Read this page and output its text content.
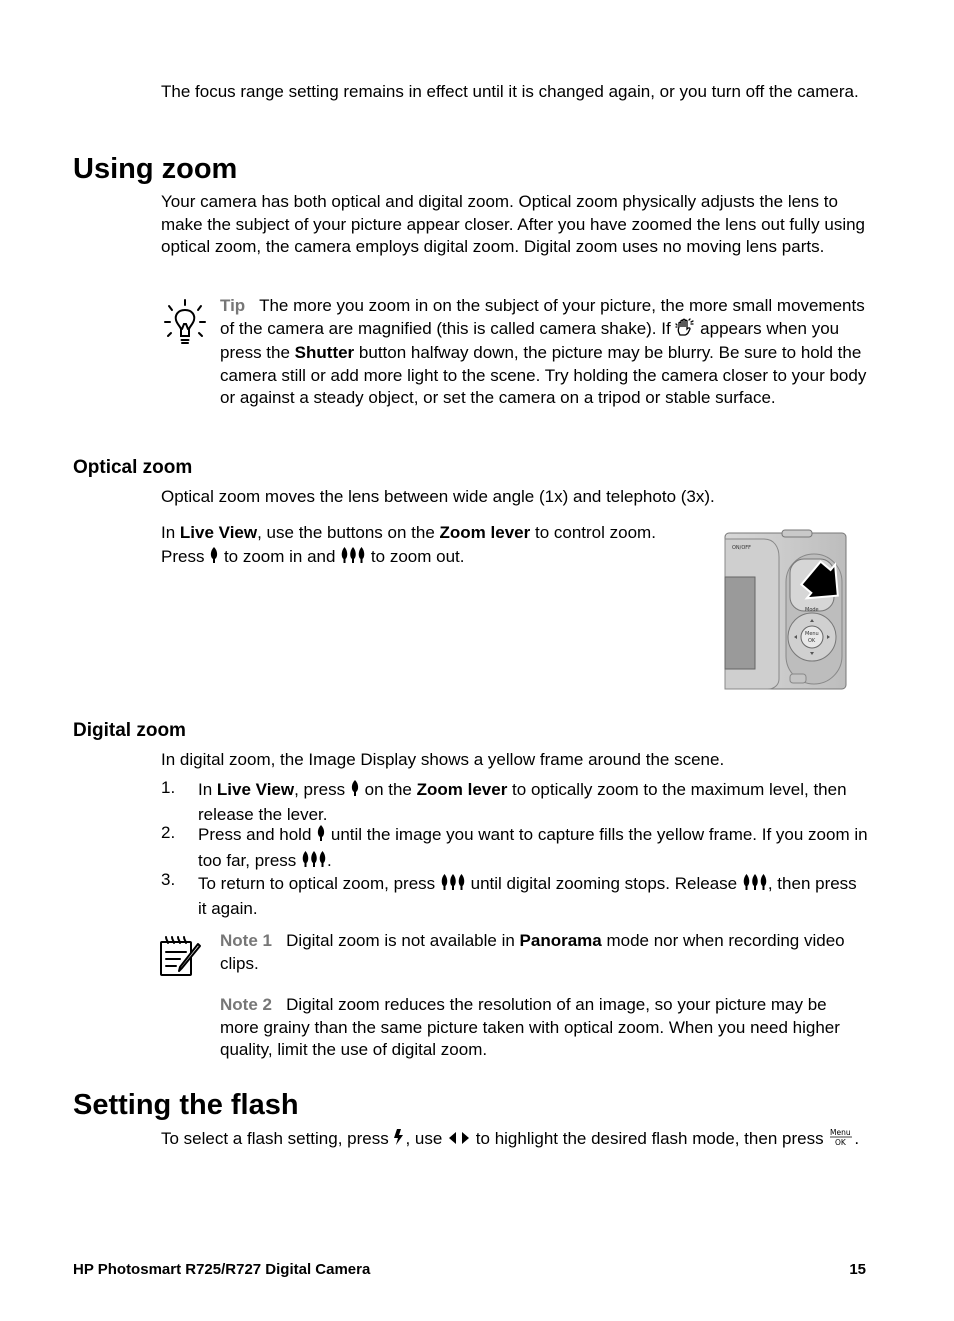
The focus range setting remains in effect until it is changed again, or you turn off the camera.
Using zoom
Your camera has both optical and digital zoom. Optical zoom physically adjusts the lens to make the subject of your picture appear closer. After you have zoomed the lens out fully using optical zoom, the camera employs digital zoom. Digital zoom uses no moving lens parts.
Tip The more you zoom in on the subject of your picture, the more small movements of the camera are magnified (this is called camera shake). If appears when you press the Shutter button halfway down, the picture may be blurry. Be sure to hold the camera still or add more light to the scene. Try holding the camera closer to your body or against a steady object, or set the camera on a tripod or stable surface.
Optical zoom
Optical zoom moves the lens between wide angle (1x) and telephoto (3x).
In Live View, use the buttons on the Zoom lever to control zoom.
Press to zoom in and to zoom out.	ON/OFF
Menu
OK
Mode
Digital zoom
In digital zoom, the Image Display shows a yellow frame around the scene.
1. In Live View, press on the Zoom lever to optically zoom to the maximum level, then release the lever.
2. Press and hold until the image you want to capture fills the yellow frame. If you zoom in too far, press .
3. To return to optical zoom, press until digital zooming stops. Release , then press it again.
Note 1 Digital zoom is not available in Panorama mode nor when recording video clips.
Note 2 Digital zoom reduces the resolution of an image, so your picture may be more grainy than the same picture taken with optical zoom. When you need higher quality, limit the use of digital zoom.
Setting the flash
To select a flash setting, press , use to highlight the desired flash mode, then press Menu
OK .
HP Photosmart R725/R727 Digital Camera	15
